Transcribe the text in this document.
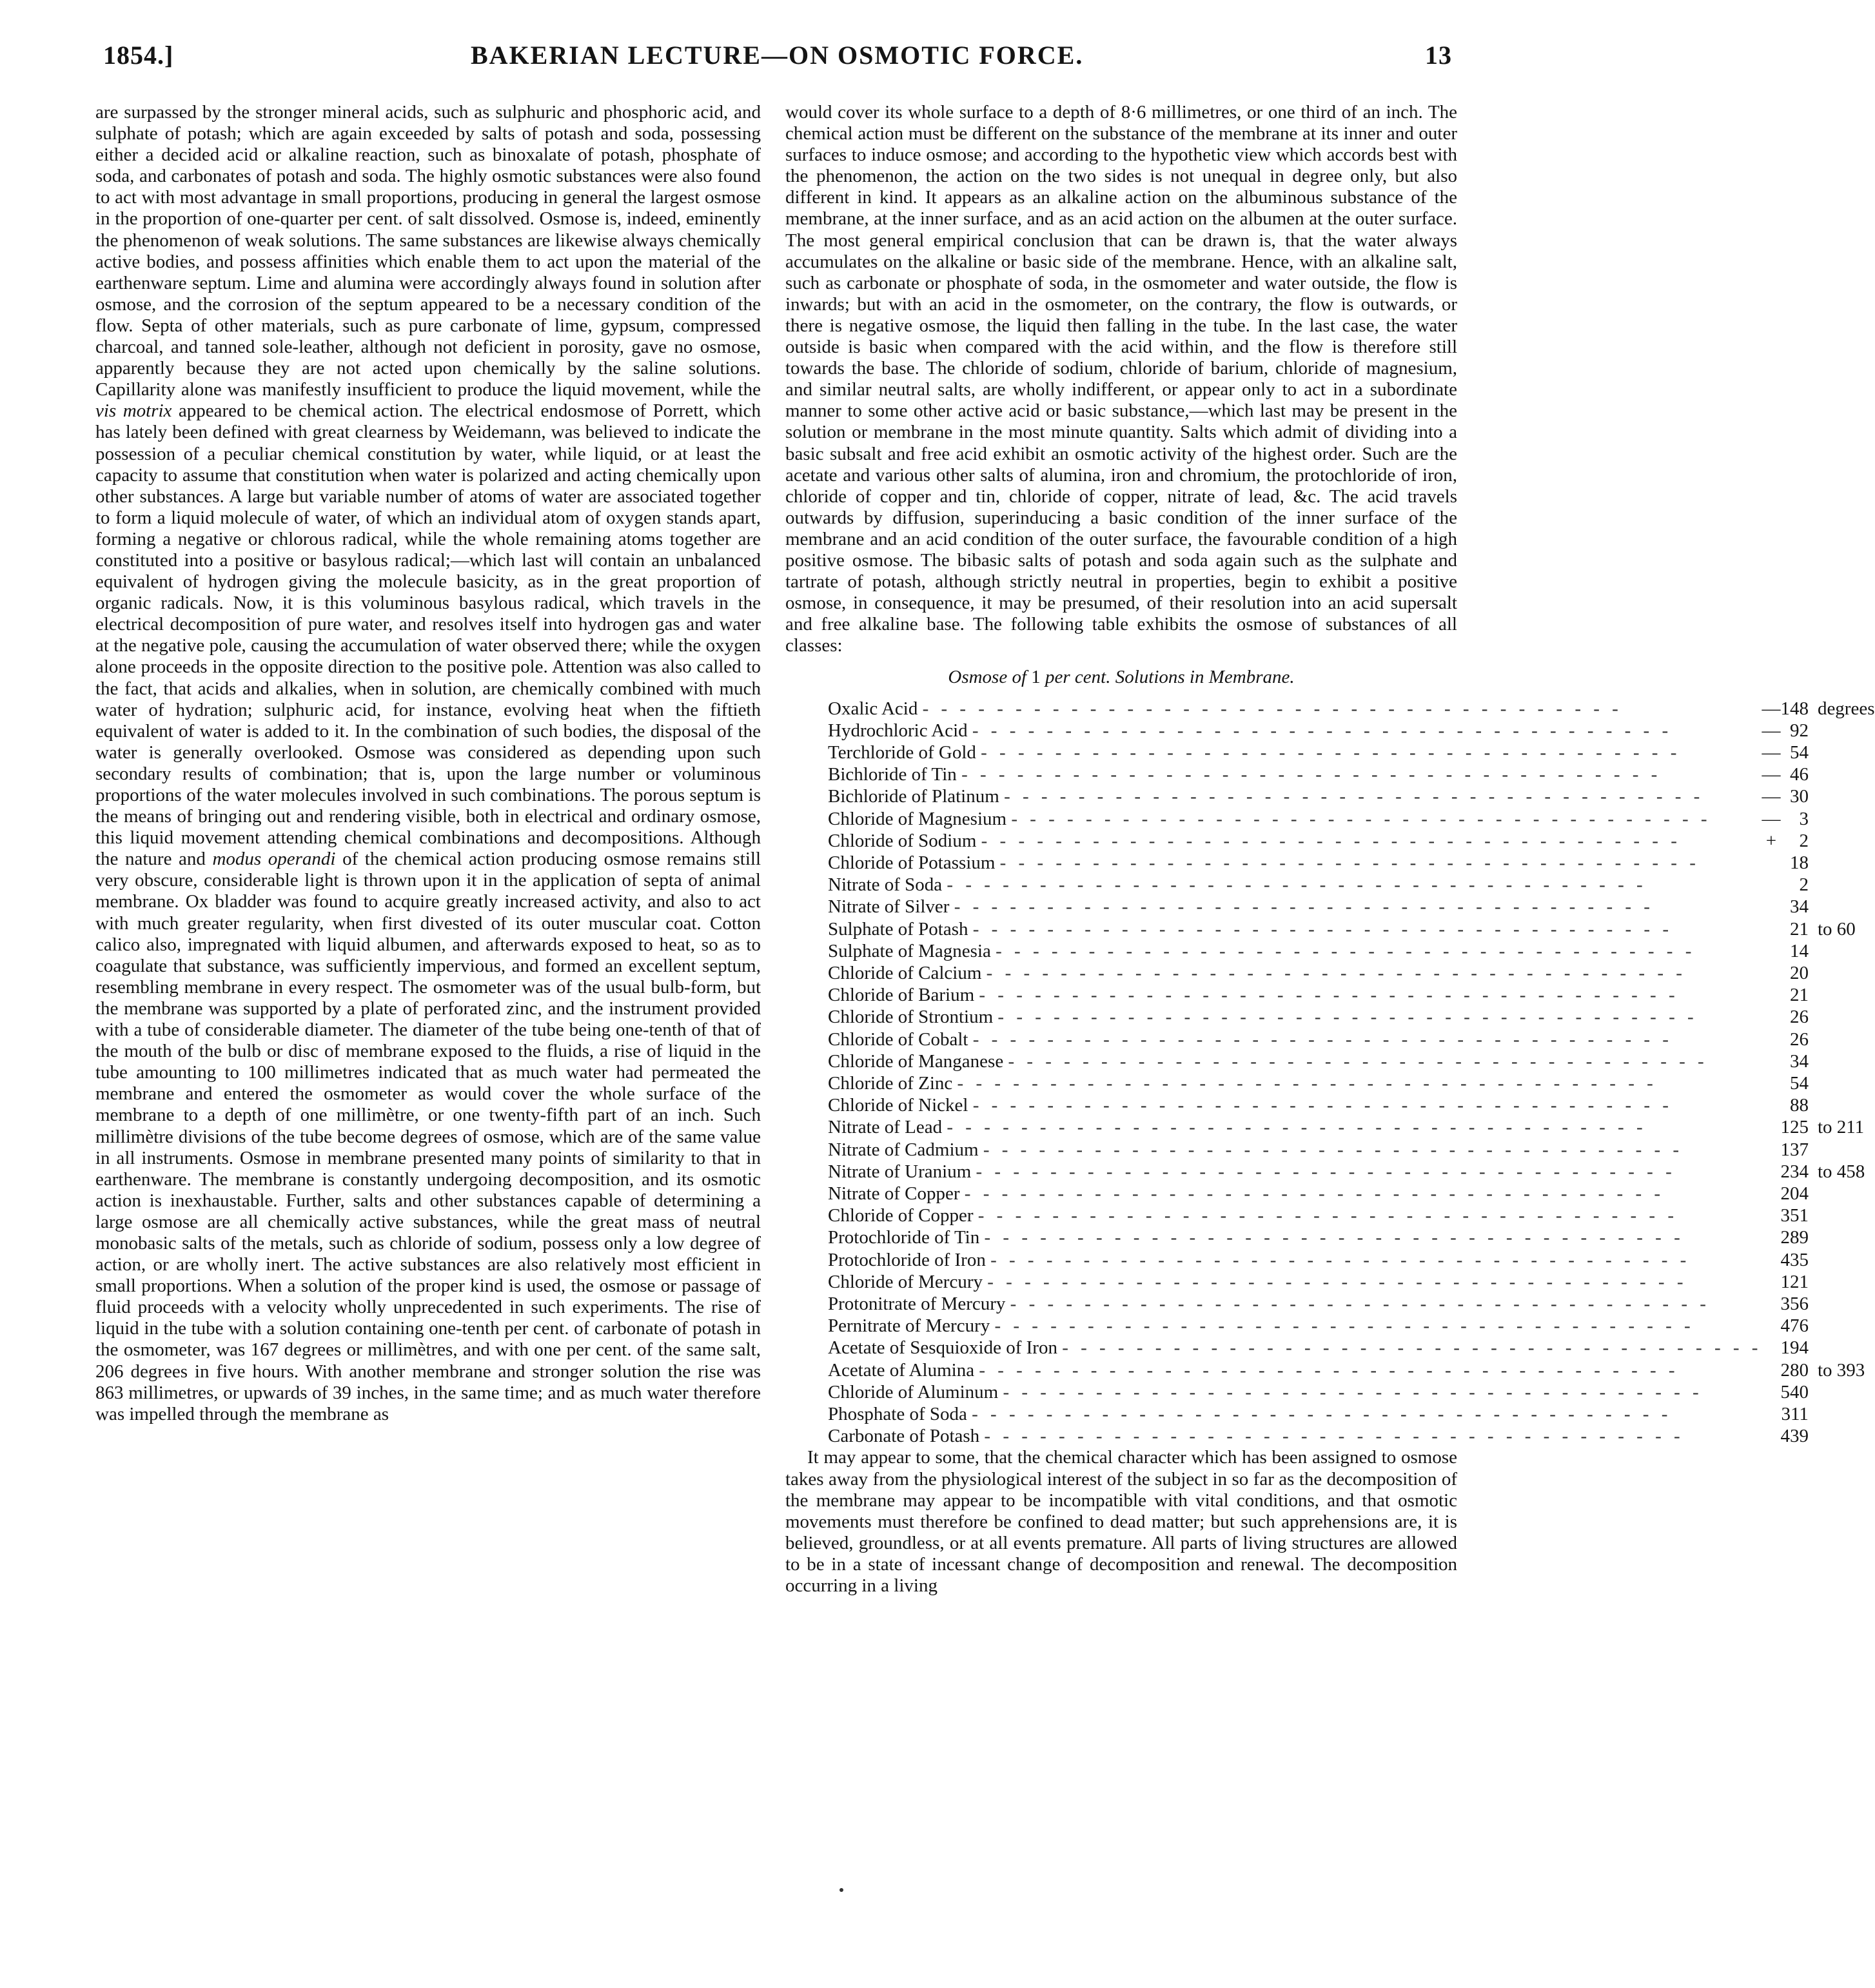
1854.]	BAKERIAN LECTURE—ON OSMOTIC FORCE.	13

are surpassed by the stronger mineral acids, such as sulphuric and phosphoric acid, and sulphate of potash; which are again exceeded by salts of potash and soda, possessing either a decided acid or alkaline reaction, such as binoxalate of potash, phosphate of soda, and carbonates of potash and soda. The highly osmotic substances were also found to act with most advantage in small proportions, producing in general the largest osmose in the proportion of one-quarter per cent. of salt dissolved. Osmose is, indeed, eminently the phenomenon of weak solutions. The same substances are likewise always chemically active bodies, and possess affinities which enable them to act upon the material of the earthenware septum. Lime and alumina were accordingly always found in solution after osmose, and the corrosion of the septum appeared to be a necessary condition of the flow. Septa of other materials, such as pure carbonate of lime, gypsum, compressed charcoal, and tanned sole-leather, although not deficient in porosity, gave no osmose, apparently because they are not acted upon chemically by the saline solutions. Capillarity alone was manifestly insufficient to produce the liquid movement, while the vis motrix appeared to be chemical action. The electrical endosmose of Porrett, which has lately been defined with great clearness by Weidemann, was believed to indicate the possession of a peculiar chemical constitution by water, while liquid, or at least the capacity to assume that constitution when water is polarized and acting chemically upon other substances. A large but variable number of atoms of water are associated together to form a liquid molecule of water, of which an individual atom of oxygen stands apart, forming a negative or chlorous radical, while the whole remaining atoms together are constituted into a positive or basylous radical;—which last will contain an unbalanced equivalent of hydrogen giving the molecule basicity, as in the great proportion of organic radicals. Now, it is this voluminous basylous radical, which travels in the electrical decomposition of pure water, and resolves itself into hydrogen gas and water at the negative pole, causing the accumulation of water observed there; while the oxygen alone proceeds in the opposite direction to the positive pole. Attention was also called to the fact, that acids and alkalies, when in solution, are chemically combined with much water of hydration; sulphuric acid, for instance, evolving heat when the fiftieth equivalent of water is added to it. In the combination of such bodies, the disposal of the water is generally overlooked. Osmose was considered as depending upon such secondary results of combination; that is, upon the large number or voluminous proportions of the water molecules involved in such combinations. The porous septum is the means of bringing out and rendering visible, both in electrical and ordinary osmose, this liquid movement attending chemical combinations and decompositions. Although the nature and modus operandi of the chemical action producing osmose remains still very obscure, considerable light is thrown upon it in the application of septa of animal membrane. Ox bladder was found to acquire greatly increased activity, and also to act with much greater regularity, when first divested of its outer muscular coat. Cotton calico also, impregnated with liquid albumen, and afterwards exposed to heat, so as to coagulate that substance, was sufficiently impervious, and formed an excellent septum, resembling membrane in every respect. The osmometer was of the usual bulb-form, but the membrane was supported by a plate of perforated zinc, and the instrument provided with a tube of considerable diameter. The diameter of the tube being one-tenth of that of the mouth of the bulb or disc of membrane exposed to the fluids, a rise of liquid in the tube amounting to 100 millimetres indicated that as much water had permeated the membrane and entered the osmometer as would cover the whole surface of the membrane to a depth of one millimètre, or one twenty-fifth part of an inch. Such millimètre divisions of the tube become degrees of osmose, which are of the same value in all instruments. Osmose in membrane presented many points of similarity to that in earthenware. The membrane is constantly undergoing decomposition, and its osmotic action is inexhaustable. Further, salts and other substances capable of determining a large osmose are all chemically active substances, while the great mass of neutral monobasic salts of the metals, such as chloride of sodium, possess only a low degree of action, or are wholly inert. The active substances are also relatively most efficient in small proportions. When a solution of the proper kind is used, the osmose or passage of fluid proceeds with a velocity wholly unprecedented in such experiments. The rise of liquid in the tube with a solution containing one-tenth per cent. of carbonate of potash in the osmometer, was 167 degrees or millimètres, and with one per cent. of the same salt, 206 degrees in five hours. With another membrane and stronger solution the rise was 863 millimetres, or upwards of 39 inches, in the same time; and as much water therefore was impelled through the membrane as

would cover its whole surface to a depth of 8·6 millimetres, or one third of an inch. The chemical action must be different on the substance of the membrane at its inner and outer surfaces to induce osmose; and according to the hypothetic view which accords best with the phenomenon, the action on the two sides is not unequal in degree only, but also different in kind. It appears as an alkaline action on the albuminous substance of the membrane, at the inner surface, and as an acid action on the albumen at the outer surface. The most general empirical conclusion that can be drawn is, that the water always accumulates on the alkaline or basic side of the membrane. Hence, with an alkaline salt, such as carbonate or phosphate of soda, in the osmometer and water outside, the flow is inwards; but with an acid in the osmometer, on the contrary, the flow is outwards, or there is negative osmose, the liquid then falling in the tube. In the last case, the water outside is basic when compared with the acid within, and the flow is therefore still towards the base. The chloride of sodium, chloride of barium, chloride of magnesium, and similar neutral salts, are wholly indifferent, or appear only to act in a subordinate manner to some other active acid or basic substance,—which last may be present in the solution or membrane in the most minute quantity. Salts which admit of dividing into a basic subsalt and free acid exhibit an osmotic activity of the highest order. Such are the acetate and various other salts of alumina, iron and chromium, the protochloride of iron, chloride of copper and tin, chloride of copper, nitrate of lead, &c. The acid travels outwards by diffusion, superinducing a basic condition of the inner surface of the membrane and an acid condition of the outer surface, the favourable condition of a high positive osmose. The bibasic salts of potash and soda again such as the sulphate and tartrate of potash, although strictly neutral in properties, begin to exhibit a positive osmose, in consequence, it may be presumed, of their resolution into an acid supersalt and free alkaline base. The following table exhibits the osmose of substances of all classes:

Osmose of 1 per cent. Solutions in Membrane.
Oxalic Acid - - - - - - - - - - - - - - - - - - - - - - - - - - - - - - - - - - - - - -	—	148	degrees
Hydrochloric Acid - - - - - - - - - - - - - - - - - - - - - - - - - - - - - - - - - - - - - -	—	92	
Terchloride of Gold - - - - - - - - - - - - - - - - - - - - - - - - - - - - - - - - - - - - - -	—	54	
Bichloride of Tin - - - - - - - - - - - - - - - - - - - - - - - - - - - - - - - - - - - - - -	—	46	
Bichloride of Platinum - - - - - - - - - - - - - - - - - - - - - - - - - - - - - - - - - - - - - -	—	30	
Chloride of Magnesium - - - - - - - - - - - - - - - - - - - - - - - - - - - - - - - - - - - - - -	—	3	
Chloride of Sodium - - - - - - - - - - - - - - - - - - - - - - - - - - - - - - - - - - - - - -	+	2	
Chloride of Potassium - - - - - - - - - - - - - - - - - - - - - - - - - - - - - - - - - - - - - -		18	
Nitrate of Soda - - - - - - - - - - - - - - - - - - - - - - - - - - - - - - - - - - - - - -		2	
Nitrate of Silver - - - - - - - - - - - - - - - - - - - - - - - - - - - - - - - - - - - - - -		34	
Sulphate of Potash - - - - - - - - - - - - - - - - - - - - - - - - - - - - - - - - - - - - - -		21	to 60
Sulphate of Magnesia - - - - - - - - - - - - - - - - - - - - - - - - - - - - - - - - - - - - - -		14	
Chloride of Calcium - - - - - - - - - - - - - - - - - - - - - - - - - - - - - - - - - - - - - -		20	
Chloride of Barium - - - - - - - - - - - - - - - - - - - - - - - - - - - - - - - - - - - - - -		21	
Chloride of Strontium - - - - - - - - - - - - - - - - - - - - - - - - - - - - - - - - - - - - - -		26	
Chloride of Cobalt - - - - - - - - - - - - - - - - - - - - - - - - - - - - - - - - - - - - - -		26	
Chloride of Manganese - - - - - - - - - - - - - - - - - - - - - - - - - - - - - - - - - - - - - -		34	
Chloride of Zinc - - - - - - - - - - - - - - - - - - - - - - - - - - - - - - - - - - - - - -		54	
Chloride of Nickel - - - - - - - - - - - - - - - - - - - - - - - - - - - - - - - - - - - - - -		88	
Nitrate of Lead - - - - - - - - - - - - - - - - - - - - - - - - - - - - - - - - - - - - - -		125	to 211
Nitrate of Cadmium - - - - - - - - - - - - - - - - - - - - - - - - - - - - - - - - - - - - - -		137	
Nitrate of Uranium - - - - - - - - - - - - - - - - - - - - - - - - - - - - - - - - - - - - - -		234	to 458
Nitrate of Copper - - - - - - - - - - - - - - - - - - - - - - - - - - - - - - - - - - - - - -		204	
Chloride of Copper - - - - - - - - - - - - - - - - - - - - - - - - - - - - - - - - - - - - - -		351	
Protochloride of Tin - - - - - - - - - - - - - - - - - - - - - - - - - - - - - - - - - - - - - -		289	
Protochloride of Iron - - - - - - - - - - - - - - - - - - - - - - - - - - - - - - - - - - - - - -		435	
Chloride of Mercury - - - - - - - - - - - - - - - - - - - - - - - - - - - - - - - - - - - - - -		121	
Protonitrate of Mercury - - - - - - - - - - - - - - - - - - - - - - - - - - - - - - - - - - - - - -		356	
Pernitrate of Mercury - - - - - - - - - - - - - - - - - - - - - - - - - - - - - - - - - - - - - -		476	
Acetate of Sesquioxide of Iron - - - - - - - - - - - - - - - - - - - - - - - - - - - - - - - - - - - - - -		194	
Acetate of Alumina - - - - - - - - - - - - - - - - - - - - - - - - - - - - - - - - - - - - - -		280	to 393
Chloride of Aluminum - - - - - - - - - - - - - - - - - - - - - - - - - - - - - - - - - - - - - -		540	
Phosphate of Soda - - - - - - - - - - - - - - - - - - - - - - - - - - - - - - - - - - - - - -		311	
Carbonate of Potash - - - - - - - - - - - - - - - - - - - - - - - - - - - - - - - - - - - - - -		439	

It may appear to some, that the chemical character which has been assigned to osmose takes away from the physiological interest of the subject in so far as the decomposition of the membrane may appear to be incompatible with vital conditions, and that osmotic movements must therefore be confined to dead matter; but such apprehensions are, it is believed, groundless, or at all events premature. All parts of living structures are allowed to be in a state of incessant change of decomposition and renewal. The decomposition occurring in a living
